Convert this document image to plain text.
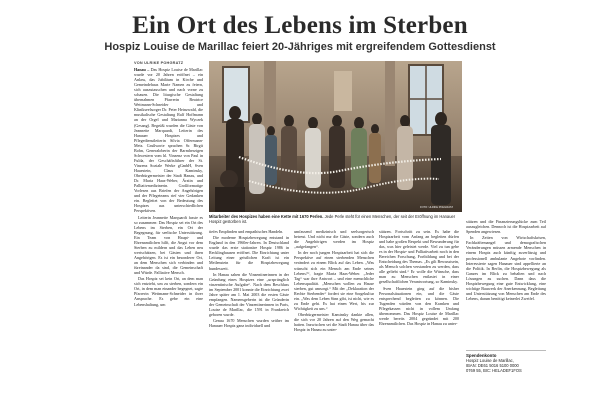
Ein Ort des Lebens im Sterben
Hospiz Louise de Marillac feiert 20-Jähriges mit ergreifendem Gottesdienst
VON ULRIKE POHGRATZ

Hanau – Das Hospiz Louise de Marillac wurde vor 20 Jahren eröffnet – ein Anlass, das Jubiläum in Kirche und Gemeindehaus Marie Namen zu feiern, sich auszutauschen und nach vorne zu schauen. Die liturgische Gestaltung übernahmen Pfarrerin Beatrice Wettmann-Schneider und Klinikseelsorger Dr. Peter Heinzwald, die musikalische Gestaltung Ralf Hoffmann an der Orgel und Marianna Wyczek (Gesang). Begrüßt wurden die Gäste von Jeannette Marquardt, Leiterin des Hanauer Hospizes und Pflegedienstleiterin Silvia Offermann-Metz. Grußworte sprachen Sr. Birgit Bohn, Generaloberin der Barmherzigen Schwestern vom hl. Vinzenz von Paul in Fulda, der Geschäftsführer der St. Vinzenz Soziale Werke gGmbH, Sven Hauestein, Claus Kaminsky, Oberbürgermeister der Stadt Hanau, und Dr. Maria Haas-Weber, Ärztin und Palliativmedizinerin. Großformatige Vorlesen aus Briefen der Angehörigen und der Pflegeteams rief vier Gedanken ein. Begleitet von der Bedeutung des Hospizes aus unterschiedlichen Perspektiven.

Leiterin Jeannette Marquardt fasste es so zusammen: Das Hospiz sei ein Ort des Lebens im Sterben, ein Ort der Begegnung, für seelische Unterstützung. Ein Team von Haupt- und Ehrenamtlichen hilft, die Angst vor dem Sterben zu mildern und das Leben neu wertschätzen, bei Gästen und ihren Angehörigen. Es ist ein besonderer Ort, an dem Menschen sich verbinden und füreinander da sind, die Gemeinschaft und Würde. Palliative Mensch.

Das Hospiz sei kein Ort, an dem man sich entzieht, um zu sterben, sondern ein Ort, in dem man einander begegnet, sagte Pfarrerin Wettmann-Schneider in ihrer Ansprache. Es gebe ein eine Lebenshaltung, um

FOTO: ULRIKE POHGRATZ
Mitarbeiter des Hospizes haben eine Kette mit 1670 Perlen. Jede Perle steht für einen Menschen, der seit der Eröffnung im Hanauer Hospiz gestorben ist.

tiefes Empfinden und empathisches Handeln.

Die moderne Hospizbewegung entstand in England in den 1960er-Jahren. In Deutschland wurde das erste stationäre Hospiz 1986 in Recklinghausen eröffnet. Die Einrichtung unter Leitung einer geistlichen Kraft ist ein Meilenstein für die Hospizbewegung bundesweit.

In Hanau sahen die Vinzentinerinnen in der Gründung eines Hospizes eine „ursprünglich vinzentinische Aufgabe“. Nach dem Beschluss im September 2001 konnte die Einrichtung zwei Jahre später am 1. Mai 2003 die ersten Gäste empfangen. Namensgeberin ist die Gründerin der Gemeinschaft der Vinzentinerinnen in Paris, Louise de Marillac, die 1591 in Frankreich geboren wurde.

Genau 1670 Menschen wurden seither im Hanauer Hospiz ganz individuell und

umfassend medizinisch und seelsorgerisch betreut. Und nicht nur die Gäste, sondern auch die Angehörigen werden im Hospiz „aufgefangen“.

In der noch jungen Hospizarbeit hat sich die Perspektive auf einen sterbenden Menschen verändert zu einem Blick auf das Leben. „Was wünscht sich ein Mensch am Ende seines Lebens?“, fragte Maria Haas-Weber. „Jeder Tag“ war ihre Antwort – und eine menschliche Lebensqualität. „Menschen wollen zu Hause sterben, gut umsorgt.“ Mit der „Deklaration der Rechte Sterbender“ fordert sie eine Sorgekultur ein. „Was dem Leben Sinn gibt, ist nicht, wie es zu Ende geht. Es hat einen Wert, bis zur Wichtigkeit zu uns.“

Oberbürgermeister Kaminsky dankte allen, die sich vor 20 Jahren auf den Weg gemacht hatten. Inzwischen sei die Stadt Hanau über das Hospiz in Hanau zu unter-

stützen. Fortschritt zu sein. Es habe die Hospizarbeit vom Anfang an begleiten dürfen und habe großen Respekt und Bewunderung für das, was hier geleistet werde. Viel zu tun gebe es in der Hospiz- und Palliativarbeit noch in den Bereichen Forschung, Fortbildung und bei der Entscheidung des Themas. „Es gilt Bewusstsein, als Mensch solchen verstanden zu werden, dass alle geliebt sind.“ Er wolle die Wünsche, dass man zu Menschen entlastet in einer gesellschaftlichen Verantwortung, so Kaminsky.

Sven Hauestein ging auf die bisher Personalsituationen ein, und die Gäste entsprechend begleiten zu können. Die Tugenden würden von den Kranken und Pflegekassen nicht in vollem Umfang übernommen. Das Hospiz Louise de Marillac werde bereits 2004 gegründet mit 200 Ehrenamtlichen. Das Hospiz in Hanau zu unter-

stützen und die Finanzierungslücke zum Teil auszugleichen. Dennoch ist die Hospizarbeit auf Spenden angewiesen.

In Zeiten von Wirtschaftskrisen, Fachkräftemangel und demografischen Veränderungen müssen armende Menschen in einem Hospiz auch künftig zuverlässig und professionell ambulante Angebote vorfinden. Interessierte sagen Hanauer sind appellierte an die Politik. In Berlin, die Hospizbewegung als Ganzes im Blick zu behalten und nach Lösungen zu suchen. Dann dass die Hospizbewegung eine gute Entwicklung, eine wichtige Bauwerk der Anerkennung, Begleitung und Unterstützung von Menschen am Ende des Lebens, darum benötigt keinerlei Zweifel.

Spendenkonto
Hospiz Louise de Marillac,
IBAN: DE61 5016 5100 0000
0769 55, BIC: HELADEF1FOS
